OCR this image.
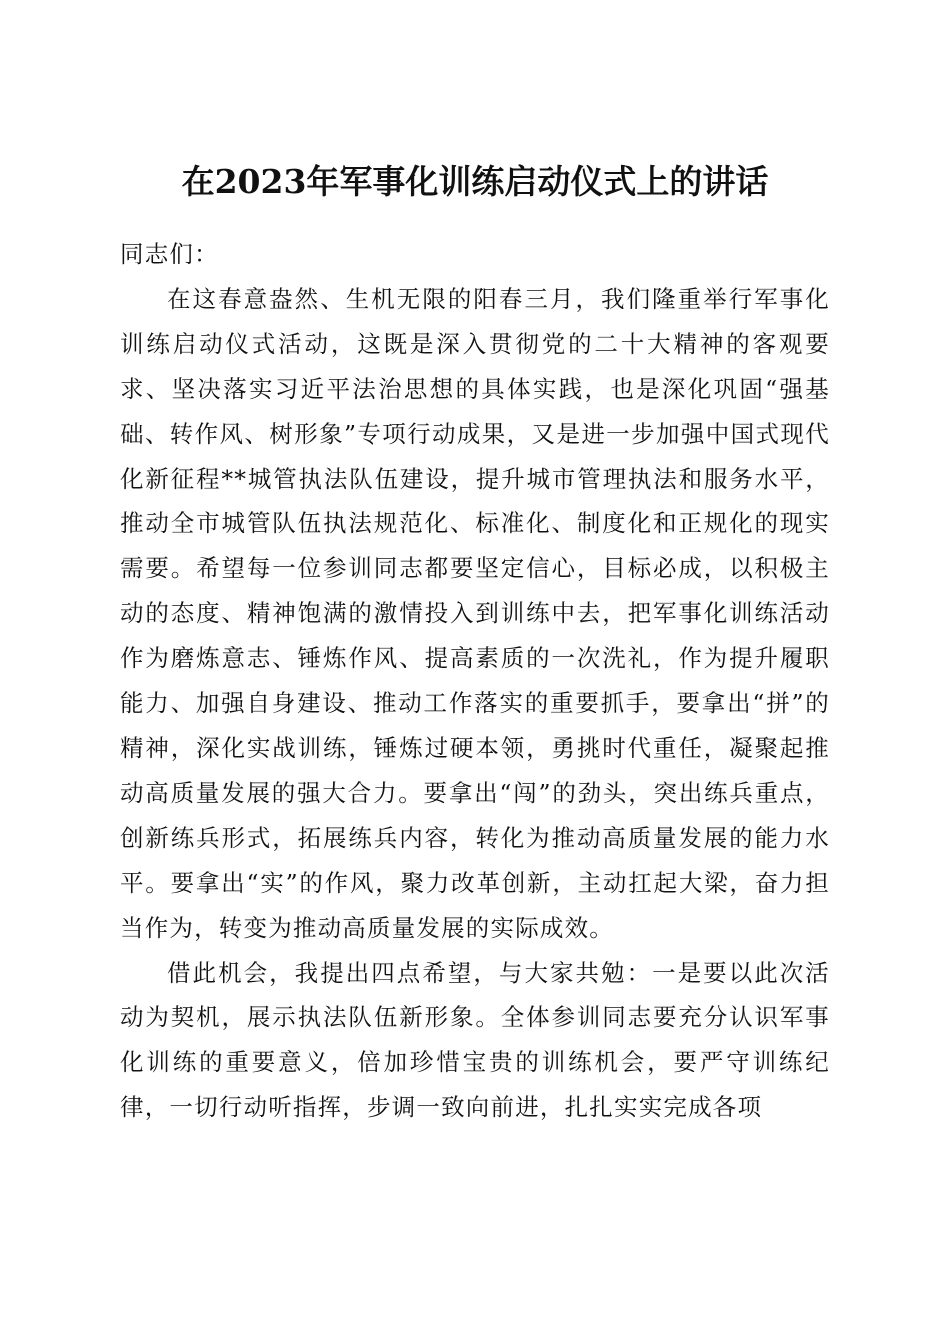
在2023年军事化训练启动仪式上的讲话

同志们：

在这春意盎然、生机无限的阳春三月，我们隆重举行军事化训练启动仪式活动，这既是深入贯彻党的二十大精神的客观要求、坚决落实习近平法治思想的具体实践，也是深化巩固“强基础、转作风、树形象”专项行动成果，又是进一步加强中国式现代化新征程**城管执法队伍建设，提升城市管理执法和服务水平，推动全市城管队伍执法规范化、标准化、制度化和正规化的现实需要。希望每一位参训同志都要坚定信心，目标必成，以积极主动的态度、精神饱满的激情投入到训练中去，把军事化训练活动作为磨炼意志、锤炼作风、提高素质的一次洗礼，作为提升履职能力、加强自身建设、推动工作落实的重要抓手，要拿出“拼”的精神，深化实战训练，锤炼过硬本领，勇挑时代重任，凝聚起推动高质量发展的强大合力。要拿出“闯”的劲头，突出练兵重点，创新练兵形式，拓展练兵内容，转化为推动高质量发展的能力水平。要拿出“实”的作风，聚力改革创新，主动扛起大梁，奋力担当作为，转变为推动高质量发展的实际成效。

借此机会，我提出四点希望，与大家共勉：一是要以此次活动为契机，展示执法队伍新形象。全体参训同志要充分认识军事化训练的重要意义，倍加珍惜宝贵的训练机会，要严守训练纪律，一切行动听指挥，步调一致向前进，扎扎实实完成各项
